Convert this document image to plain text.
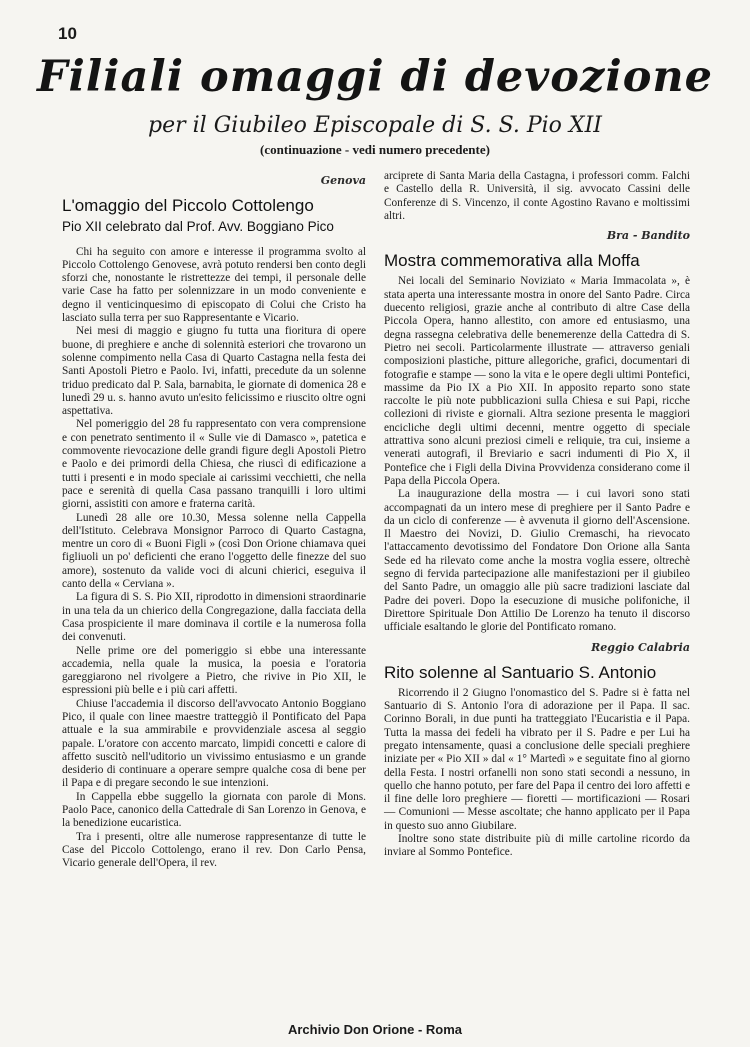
10
Filiali omaggi di devozione
per il Giubileo Episcopale di S. S. Pio XII
(continuazione - vedi numero precedente)
Genova
L'omaggio del Piccolo Cottolengo
Pio XII celebrato dal Prof. Avv. Boggiano Pico

Chi ha seguito con amore e interesse il programma svolto al Piccolo Cottolengo Genovese, avrà potuto rendersi ben conto degli sforzi che, nonostante le ristrettezze dei tempi, il personale delle varie Case ha fatto per solennizzare in un modo conveniente e degno il venticinquesimo di episcopato di Colui che Cristo ha lasciato sulla terra per suo Rappresentante e Vicario.

Nei mesi di maggio e giugno fu tutta una fioritura di opere buone, di preghiere e anche di solennità esteriori che trovarono un solenne compimento nella Casa di Quarto Castagna nella festa dei Santi Apostoli Pietro e Paolo. Ivi, infatti, precedute da un solenne triduo predicato dal P. Sala, barnabita, le giornate di domenica 28 e lunedì 29 u. s. hanno avuto un'esito felicissimo e riuscito oltre ogni aspettativa.

Nel pomeriggio del 28 fu rappresentato con vera comprensione e con penetrato sentimento il « Sulle vie di Damasco », patetica e commovente rievocazione delle grandi figure degli Apostoli Pietro e Paolo e dei primordi della Chiesa, che riuscì di edificazione a tutti i presenti e in modo speciale ai carissimi vecchietti, che nella pace e serenità di quella Casa passano tranquilli i loro ultimi giorni, assistiti con amore e fraterna carità.

Lunedì 28 alle ore 10.30, Messa solenne nella Cappella dell'Istituto. Celebrava Monsignor Parroco di Quarto Castagna, mentre un coro di « Buoni Figli » (così Don Orione chiamava quei figliuoli un po' deficienti che erano l'oggetto delle finezze del suo amore), sostenuto da valide voci di alcuni chierici, eseguiva il canto della « Cerviana ».

La figura di S. S. Pio XII, riprodotto in dimensioni straordinarie in una tela da un chierico della Congregazione, dalla facciata della Casa prospiciente il mare dominava il cortile e la numerosa folla dei convenuti.

Nelle prime ore del pomeriggio si ebbe una interessante accademia, nella quale la musica, la poesia e l'oratoria gareggiarono nel rivolgere a Pietro, che rivive in Pio XII, le espressioni più belle e i più cari affetti.

Chiuse l'accademia il discorso dell'avvocato Antonio Boggiano Pico, il quale con linee maestre tratteggiò il Pontificato del Papa attuale e la sua ammirabile e provvidenziale ascesa al seggio papale. L'oratore con accento marcato, limpidi concetti e calore di affetto suscitò nell'uditorio un vivissimo entusiasmo e un grande desiderio di continuare a operare sempre qualche cosa di bene per il Papa e di pregare secondo le sue intenzioni.

In Cappella ebbe suggello la giornata con parole di Mons. Paolo Pace, canonico della Cattedrale di San Lorenzo in Genova, e la benedizione eucaristica.

Tra i presenti, oltre alle numerose rappresentanze di tutte le Case del Piccolo Cottolengo, erano il rev. Don Carlo Pensa, Vicario generale dell'Opera, il rev.

arciprete di Santa Maria della Castagna, i professori comm. Falchi e Castello della R. Università, il sig. avvocato Cassini delle Conferenze di S. Vincenzo, il conte Agostino Ravano e moltissimi altri.

Bra - Bandito
Mostra commemorativa alla Moffa

Nei locali del Seminario Noviziato « Maria Immacolata », è stata aperta una interessante mostra in onore del Santo Padre. Circa duecento religiosi, grazie anche al contributo di altre Case della Piccola Opera, hanno allestito, con amore ed entusiasmo, una degna rassegna celebrativa delle benemerenze della Cattedra di S. Pietro nei secoli. Particolarmente illustrate — attraverso geniali composizioni plastiche, pitture allegoriche, grafici, documentari di fotografie e stampe — sono la vita e le opere degli ultimi Pontefici, massime da Pio IX a Pio XII. In apposito reparto sono state raccolte le più note pubblicazioni sulla Chiesa e sui Papi, ricche collezioni di riviste e giornali. Altra sezione presenta le maggiori encicliche degli ultimi decenni, mentre oggetto di speciale attrattiva sono alcuni preziosi cimeli e reliquie, tra cui, insieme a venerati autografi, il Breviario e sacri indumenti di Pio X, il Pontefice che i Figli della Divina Provvidenza considerano come il Papa della Piccola Opera.

La inaugurazione della mostra — i cui lavori sono stati accompagnati da un intero mese di preghiere per il Santo Padre e da un ciclo di conferenze — è avvenuta il giorno dell'Ascensione. Il Maestro dei Novizi, D. Giulio Cremaschi, ha rievocato l'attaccamento devotissimo del Fondatore Don Orione alla Santa Sede ed ha rilevato come anche la mostra voglia essere, oltrechè segno di fervida partecipazione alle manifestazioni per il giubileo del Santo Padre, un omaggio alle più sacre tradizioni lasciate dal Padre dei poveri. Dopo la esecuzione di musiche polifoniche, il Direttore Spirituale Don Attilio De Lorenzo ha tenuto il discorso ufficiale esaltando le glorie del Pontificato romano.

Reggio Calabria
Rito solenne al Santuario S. Antonio

Ricorrendo il 2 Giugno l'onomastico del S. Padre si è fatta nel Santuario di S. Antonio l'ora di adorazione per il Papa. Il sac. Corinno Borali, in due punti ha tratteggiato l'Eucaristia e il Papa. Tutta la massa dei fedeli ha vibrato per il S. Padre e per Lui ha pregato intensamente, quasi a conclusione delle speciali preghiere iniziate per « Pio XII » dal « 1° Martedì » e seguitate fino al giorno della Festa. I nostri orfanelli non sono stati secondi a nessuno, in quello che hanno potuto, per fare del Papa il centro dei loro affetti e il fine delle loro preghiere — fioretti — mortificazioni — Rosari — Comunioni — Messe ascoltate; che hanno applicato per il Papa in questo suo anno Giubilare.

Inoltre sono state distribuite più di mille cartoline ricordo da inviare al Sommo Pontefice.

Archivio Don Orione - Roma
